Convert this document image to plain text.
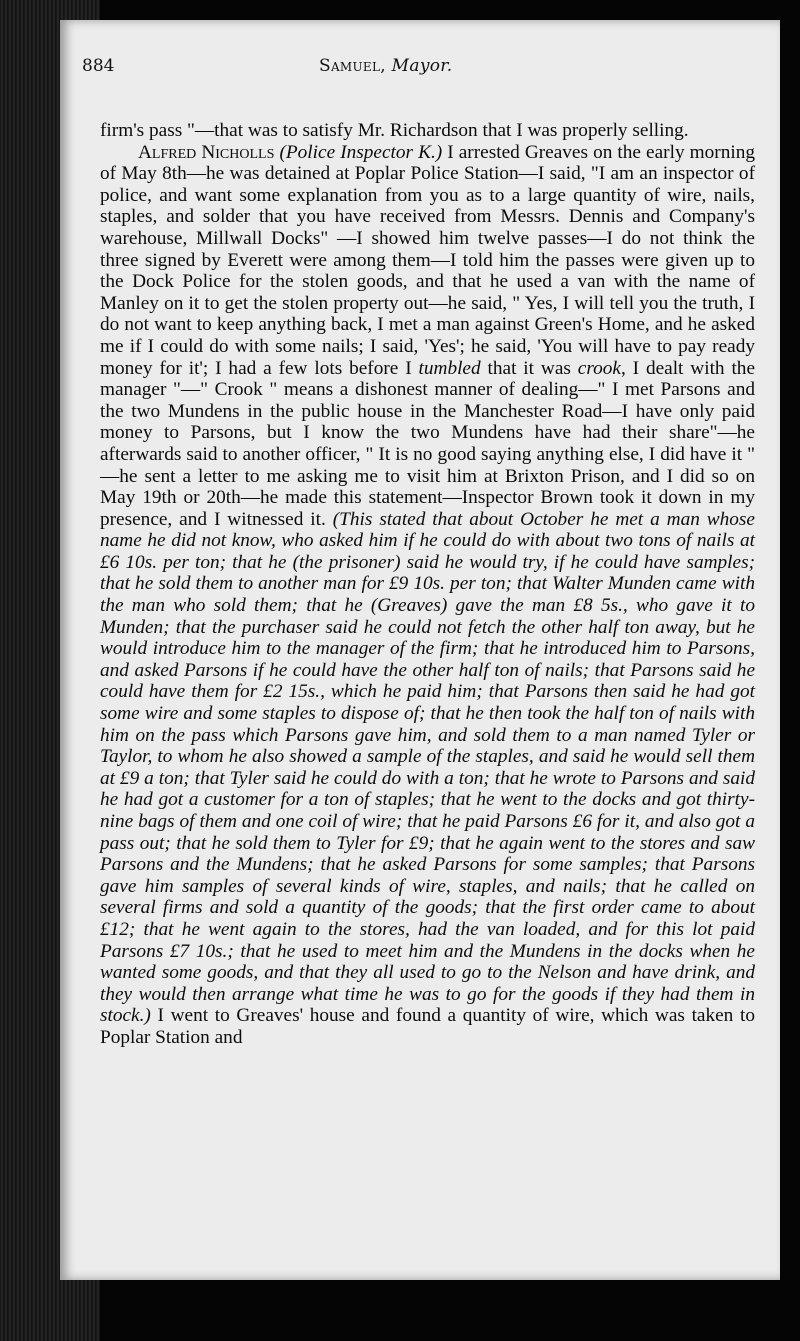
884	Samuel, Mayor.

firm's pass "—that was to satisfy Mr. Richardson that I was properly selling.

Alfred Nicholls (Police Inspector K.) I arrested Greaves on the early morning of May 8th—he was detained at Poplar Police Station—I said, "I am an inspector of police, and want some explanation from you as to a large quantity of wire, nails, staples, and solder that you have received from Messrs. Dennis and Company's warehouse, Millwall Docks" —I showed him twelve passes—I do not think the three signed by Everett were among them—I told him the passes were given up to the Dock Police for the stolen goods, and that he used a van with the name of Manley on it to get the stolen property out—he said, " Yes, I will tell you the truth, I do not want to keep anything back, I met a man against Green's Home, and he asked me if I could do with some nails; I said, 'Yes'; he said, 'You will have to pay ready money for it'; I had a few lots before I tumbled that it was crook, I dealt with the manager "—" Crook " means a dishonest manner of dealing—" I met Parsons and the two Mundens in the public house in the Manchester Road—I have only paid money to Parsons, but I know the two Mundens have had their share"—he afterwards said to another officer, " It is no good saying anything else, I did have it " —he sent a letter to me asking me to visit him at Brixton Prison, and I did so on May 19th or 20th—he made this statement—Inspector Brown took it down in my presence, and I witnessed it. (This stated that about October he met a man whose name he did not know, who asked him if he could do with about two tons of nails at £6 10s. per ton; that he (the prisoner) said he would try, if he could have samples; that he sold them to another man for £9 10s. per ton; that Walter Munden came with the man who sold them; that he (Greaves) gave the man £8 5s., who gave it to Munden; that the purchaser said he could not fetch the other half ton away, but he would introduce him to the manager of the firm; that he introduced him to Parsons, and asked Parsons if he could have the other half ton of nails; that Parsons said he could have them for £2 15s., which he paid him; that Parsons then said he had got some wire and some staples to dispose of; that he then took the half ton of nails with him on the pass which Parsons gave him, and sold them to a man named Tyler or Taylor, to whom he also showed a sample of the staples, and said he would sell them at £9 a ton; that Tyler said he could do with a ton; that he wrote to Parsons and said he had got a customer for a ton of staples; that he went to the docks and got thirty-nine bags of them and one coil of wire; that he paid Parsons £6 for it, and also got a pass out; that he sold them to Tyler for £9; that he again went to the stores and saw Parsons and the Mundens; that he asked Parsons for some samples; that Parsons gave him samples of several kinds of wire, staples, and nails; that he called on several firms and sold a quantity of the goods; that the first order came to about £12; that he went again to the stores, had the van loaded, and for this lot paid Parsons £7 10s.; that he used to meet him and the Mundens in the docks when he wanted some goods, and that they all used to go to the Nelson and have drink, and they would then arrange what time he was to go for the goods if they had them in stock.) I went to Greaves' house and found a quantity of wire, which was taken to Poplar Station and
